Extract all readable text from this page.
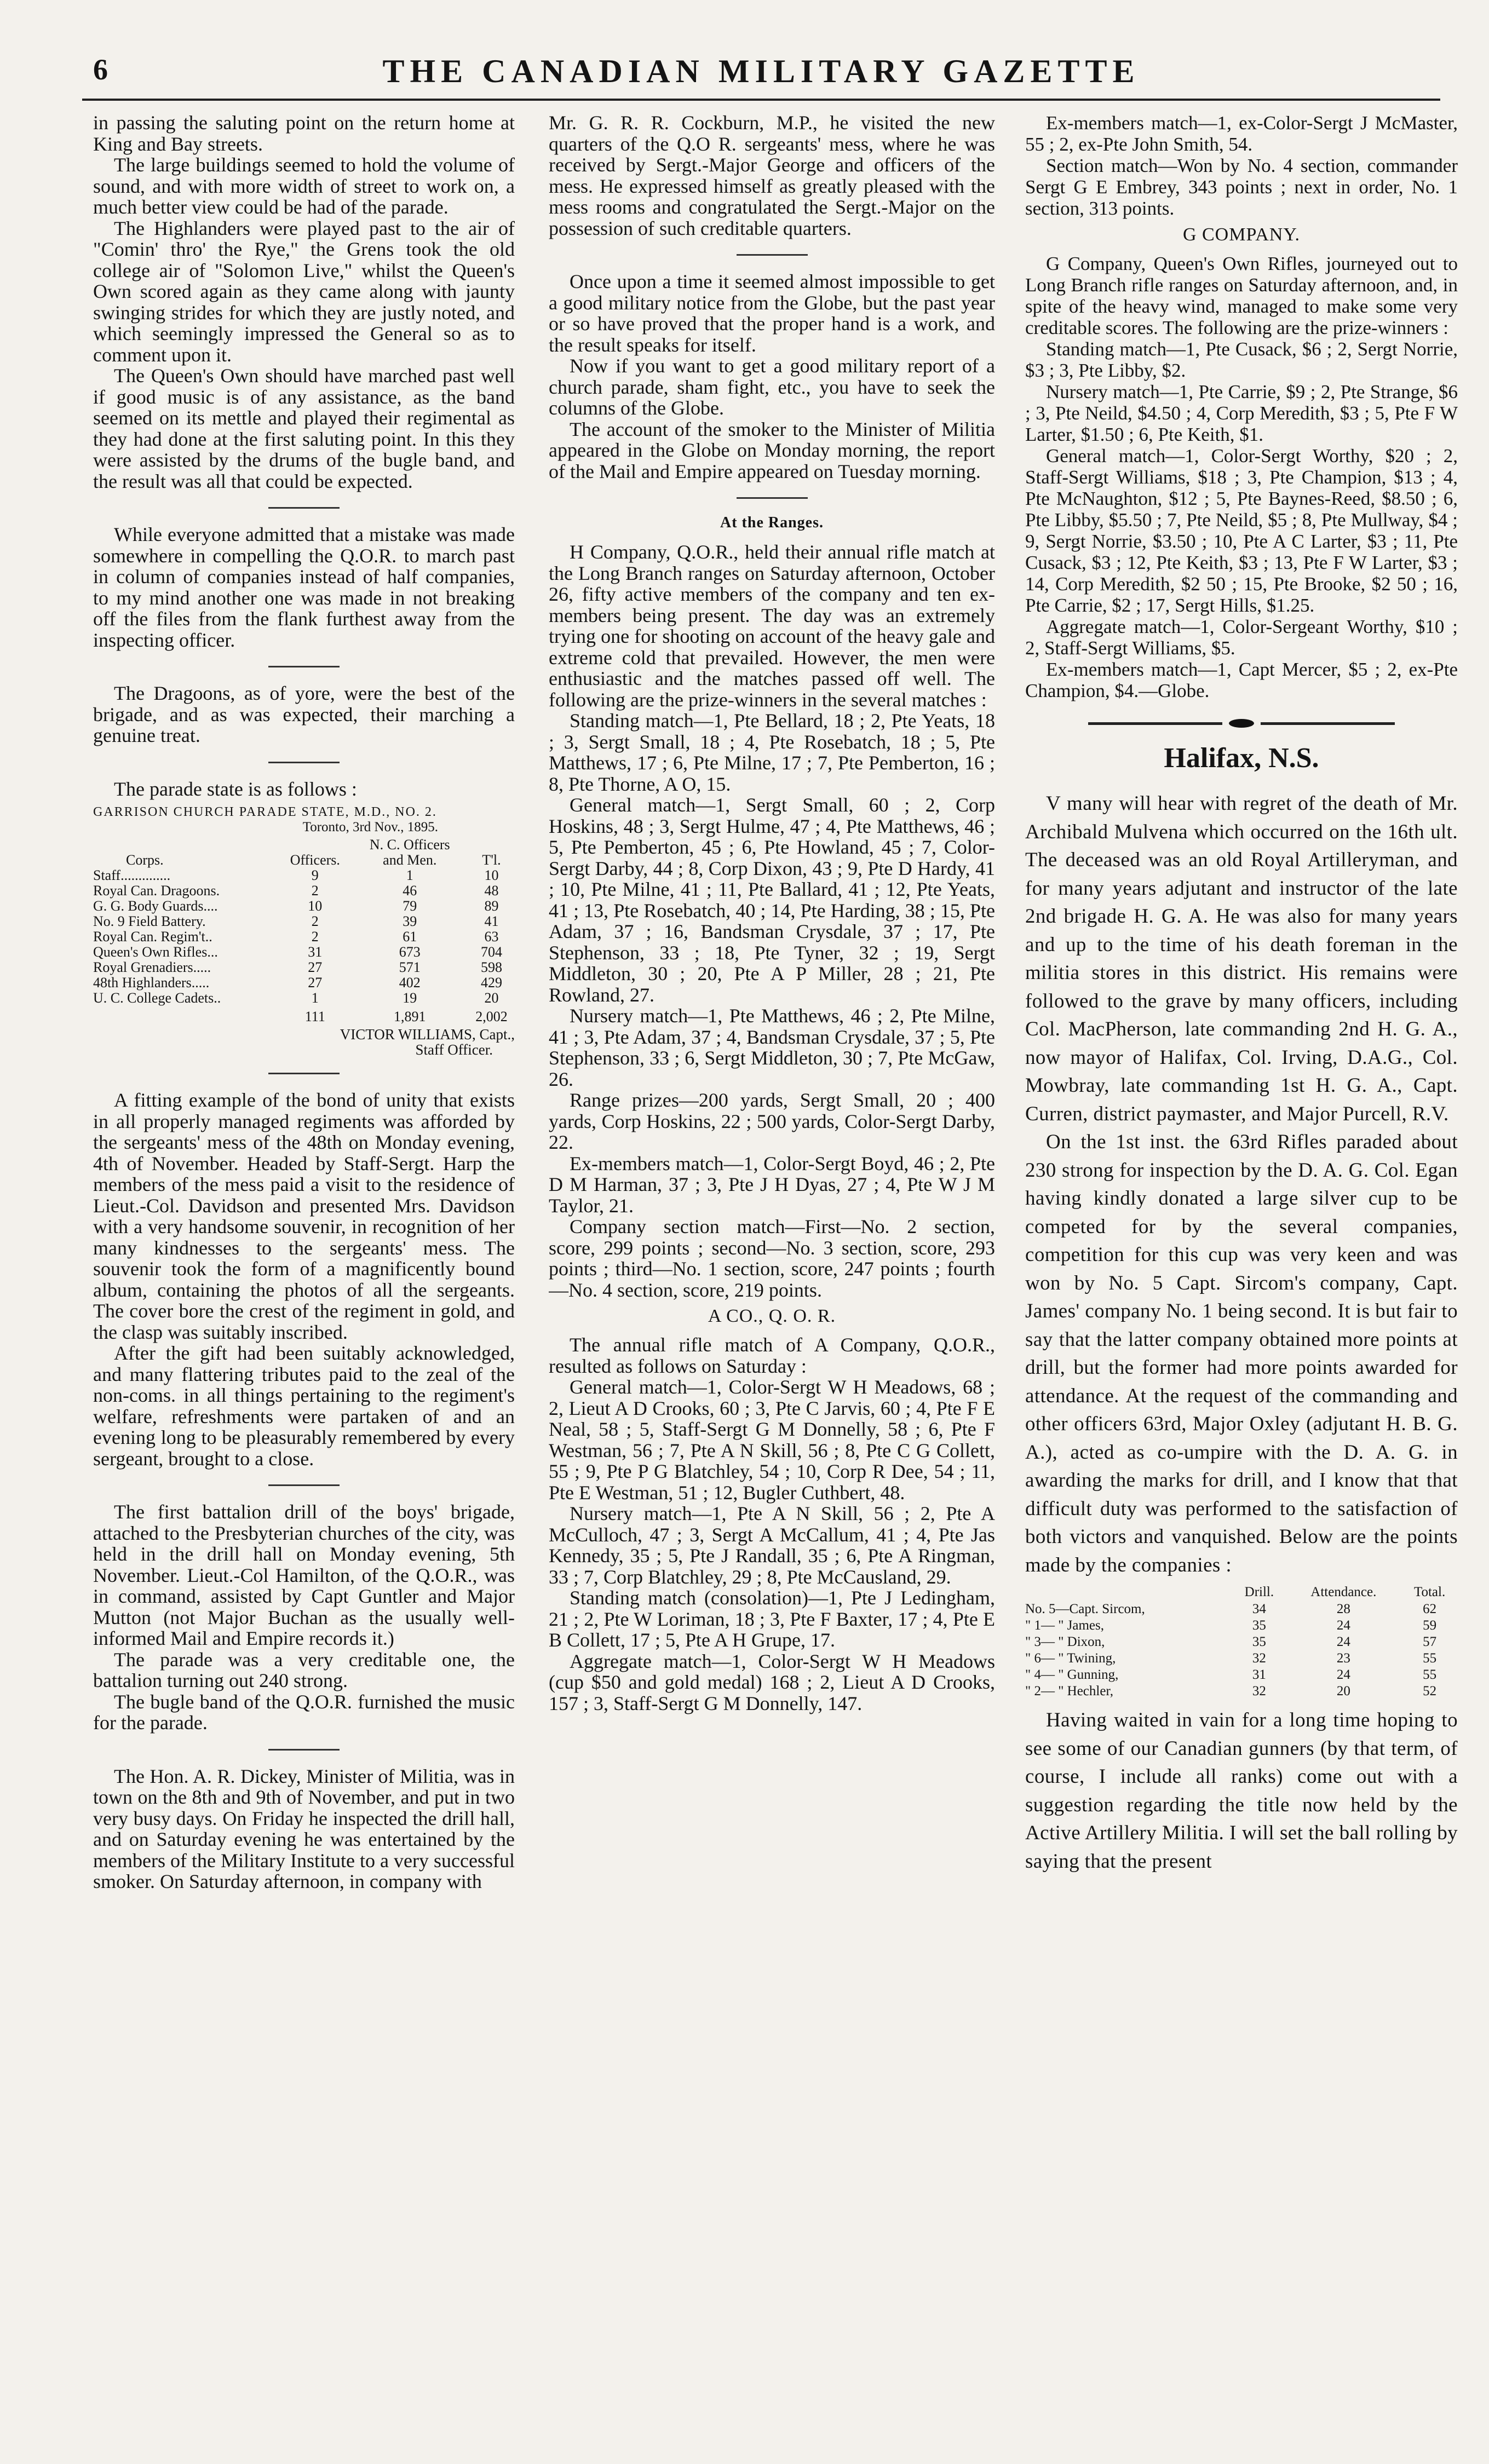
6	THE CANADIAN MILITARY GAZETTE

in passing the saluting point on the return home at King and Bay streets.

The large buildings seemed to hold the volume of sound, and with more width of street to work on, a much better view could be had of the parade.

The Highlanders were played past to the air of "Comin' thro' the Rye," the Grens took the old college air of "Solomon Live," whilst the Queen's Own scored again as they came along with jaunty swinging strides for which they are justly noted, and which seemingly impressed the General so as to comment upon it.

The Queen's Own should have marched past well if good music is of any assistance, as the band seemed on its mettle and played their regimental as they had done at the first saluting point. In this they were assisted by the drums of the bugle band, and the result was all that could be expected.

While everyone admitted that a mistake was made somewhere in compelling the Q.O.R. to march past in column of companies instead of half companies, to my mind another one was made in not breaking off the files from the flank furthest away from the inspecting officer.

The Dragoons, as of yore, were the best of the brigade, and as was expected, their marching a genuine treat.

The parade state is as follows :

GARRISON CHURCH PARADE STATE, M.D., NO. 2.
Toronto, 3rd Nov., 1895.
		N. C. Officers	
Corps.	Officers.	and Men.	T'l.
Staff..............	9	1	10
Royal Can. Dragoons.	2	46	48
G. G. Body Guards....	10	79	89
No. 9 Field Battery.	2	39	41
Royal Can. Regim't..	2	61	63
Queen's Own Rifles...	31	673	704
Royal Grenadiers.....	27	571	598
48th Highlanders.....	27	402	429
U. C. College Cadets..	1	19	20
	111	1,891	2,002
VICTOR WILLIAMS, Capt.,
Staff Officer.

A fitting example of the bond of unity that exists in all properly managed regiments was afforded by the sergeants' mess of the 48th on Monday evening, 4th of November. Headed by Staff-Sergt. Harp the members of the mess paid a visit to the residence of Lieut.-Col. Davidson and presented Mrs. Davidson with a very handsome souvenir, in recognition of her many kindnesses to the sergeants' mess. The souvenir took the form of a magnificently bound album, containing the photos of all the sergeants. The cover bore the crest of the regiment in gold, and the clasp was suitably inscribed.

After the gift had been suitably acknowledged, and many flattering tributes paid to the zeal of the non-coms. in all things pertaining to the regiment's welfare, refreshments were partaken of and an evening long to be pleasurably remembered by every sergeant, brought to a close.

The first battalion drill of the boys' brigade, attached to the Presbyterian churches of the city, was held in the drill hall on Monday evening, 5th November. Lieut.-Col Hamilton, of the Q.O.R., was in command, assisted by Capt Guntler and Major Mutton (not Major Buchan as the usually well-informed Mail and Empire records it.)

The parade was a very creditable one, the battalion turning out 240 strong.

The bugle band of the Q.O.R. furnished the music for the parade.

The Hon. A. R. Dickey, Minister of Militia, was in town on the 8th and 9th of November, and put in two very busy days. On Friday he inspected the drill hall, and on Saturday evening he was entertained by the members of the Military Institute to a very successful smoker. On Saturday afternoon, in company with

Mr. G. R. R. Cockburn, M.P., he visited the new quarters of the Q.O R. sergeants' mess, where he was received by Sergt.-Major George and officers of the mess. He expressed himself as greatly pleased with the mess rooms and congratulated the Sergt.-Major on the possession of such creditable quarters.

Once upon a time it seemed almost impossible to get a good military notice from the Globe, but the past year or so have proved that the proper hand is a work, and the result speaks for itself.

Now if you want to get a good military report of a church parade, sham fight, etc., you have to seek the columns of the Globe.

The account of the smoker to the Minister of Militia appeared in the Globe on Monday morning, the report of the Mail and Empire appeared on Tuesday morning.

At the Ranges.

H Company, Q.O.R., held their annual rifle match at the Long Branch ranges on Saturday afternoon, October 26, fifty active members of the company and ten ex-members being present. The day was an extremely trying one for shooting on account of the heavy gale and extreme cold that prevailed. However, the men were enthusiastic and the matches passed off well. The following are the prize-winners in the several matches :

Standing match—1, Pte Bellard, 18 ; 2, Pte Yeats, 18 ; 3, Sergt Small, 18 ; 4, Pte Rosebatch, 18 ; 5, Pte Matthews, 17 ; 6, Pte Milne, 17 ; 7, Pte Pemberton, 16 ; 8, Pte Thorne, A O, 15.

General match—1, Sergt Small, 60 ; 2, Corp Hoskins, 48 ; 3, Sergt Hulme, 47 ; 4, Pte Matthews, 46 ; 5, Pte Pemberton, 45 ; 6, Pte Howland, 45 ; 7, Color-Sergt Darby, 44 ; 8, Corp Dixon, 43 ; 9, Pte D Hardy, 41 ; 10, Pte Milne, 41 ; 11, Pte Ballard, 41 ; 12, Pte Yeats, 41 ; 13, Pte Rosebatch, 40 ; 14, Pte Harding, 38 ; 15, Pte Adam, 37 ; 16, Bandsman Crysdale, 37 ; 17, Pte Stephenson, 33 ; 18, Pte Tyner, 32 ; 19, Sergt Middleton, 30 ; 20, Pte A P Miller, 28 ; 21, Pte Rowland, 27.

Nursery match—1, Pte Matthews, 46 ; 2, Pte Milne, 41 ; 3, Pte Adam, 37 ; 4, Bandsman Crysdale, 37 ; 5, Pte Stephenson, 33 ; 6, Sergt Middleton, 30 ; 7, Pte McGaw, 26.

Range prizes—200 yards, Sergt Small, 20 ; 400 yards, Corp Hoskins, 22 ; 500 yards, Color-Sergt Darby, 22.

Ex-members match—1, Color-Sergt Boyd, 46 ; 2, Pte D M Harman, 37 ; 3, Pte J H Dyas, 27 ; 4, Pte W J M Taylor, 21.

Company section match—First—No. 2 section, score, 299 points ; second—No. 3 section, score, 293 points ; third—No. 1 section, score, 247 points ; fourth—No. 4 section, score, 219 points.

A CO., Q. O. R.

The annual rifle match of A Company, Q.O.R., resulted as follows on Saturday :

General match—1, Color-Sergt W H Meadows, 68 ; 2, Lieut A D Crooks, 60 ; 3, Pte C Jarvis, 60 ; 4, Pte F E Neal, 58 ; 5, Staff-Sergt G M Donnelly, 58 ; 6, Pte F Westman, 56 ; 7, Pte A N Skill, 56 ; 8, Pte C G Collett, 55 ; 9, Pte P G Blatchley, 54 ; 10, Corp R Dee, 54 ; 11, Pte E Westman, 51 ; 12, Bugler Cuthbert, 48.

Nursery match—1, Pte A N Skill, 56 ; 2, Pte A McCulloch, 47 ; 3, Sergt A McCallum, 41 ; 4, Pte Jas Kennedy, 35 ; 5, Pte J Randall, 35 ; 6, Pte A Ringman, 33 ; 7, Corp Blatchley, 29 ; 8, Pte McCausland, 29.

Standing match (consolation)—1, Pte J Ledingham, 21 ; 2, Pte W Loriman, 18 ; 3, Pte F Baxter, 17 ; 4, Pte E B Collett, 17 ; 5, Pte A H Grupe, 17.

Aggregate match—1, Color-Sergt W H Meadows (cup $50 and gold medal) 168 ; 2, Lieut A D Crooks, 157 ; 3, Staff-Sergt G M Donnelly, 147.

Ex-members match—1, ex-Color-Sergt J McMaster, 55 ; 2, ex-Pte John Smith, 54.

Section match—Won by No. 4 section, commander Sergt G E Embrey, 343 points ; next in order, No. 1 section, 313 points.

G COMPANY.

G Company, Queen's Own Rifles, journeyed out to Long Branch rifle ranges on Saturday afternoon, and, in spite of the heavy wind, managed to make some very creditable scores. The following are the prize-winners :

Standing match—1, Pte Cusack, $6 ; 2, Sergt Norrie, $3 ; 3, Pte Libby, $2.

Nursery match—1, Pte Carrie, $9 ; 2, Pte Strange, $6 ; 3, Pte Neild, $4.50 ; 4, Corp Meredith, $3 ; 5, Pte F W Larter, $1.50 ; 6, Pte Keith, $1.

General match—1, Color-Sergt Worthy, $20 ; 2, Staff-Sergt Williams, $18 ; 3, Pte Champion, $13 ; 4, Pte McNaughton, $12 ; 5, Pte Baynes-Reed, $8.50 ; 6, Pte Libby, $5.50 ; 7, Pte Neild, $5 ; 8, Pte Mullway, $4 ; 9, Sergt Norrie, $3.50 ; 10, Pte A C Larter, $3 ; 11, Pte Cusack, $3 ; 12, Pte Keith, $3 ; 13, Pte F W Larter, $3 ; 14, Corp Meredith, $2 50 ; 15, Pte Brooke, $2 50 ; 16, Pte Carrie, $2 ; 17, Sergt Hills, $1.25.

Aggregate match—1, Color-Sergeant Worthy, $10 ; 2, Staff-Sergt Williams, $5.

Ex-members match—1, Capt Mercer, $5 ; 2, ex-Pte Champion, $4.—Globe.

Halifax, N.S.

V many will hear with regret of the death of Mr. Archibald Mulvena which occurred on the 16th ult. The deceased was an old Royal Artilleryman, and for many years adjutant and instructor of the late 2nd brigade H. G. A. He was also for many years and up to the time of his death foreman in the militia stores in this district. His remains were followed to the grave by many officers, including Col. MacPherson, late commanding 2nd H. G. A., now mayor of Halifax, Col. Irving, D.A.G., Col. Mowbray, late commanding 1st H. G. A., Capt. Curren, district paymaster, and Major Purcell, R.V.

On the 1st inst. the 63rd Rifles paraded about 230 strong for inspection by the D. A. G. Col. Egan having kindly donated a large silver cup to be competed for by the several companies, competition for this cup was very keen and was won by No. 5 Capt. Sircom's company, Capt. James' company No. 1 being second. It is but fair to say that the latter company obtained more points at drill, but the former had more points awarded for attendance. At the request of the commanding and other officers 63rd, Major Oxley (adjutant H. B. G. A.), acted as co-umpire with the D. A. G. in awarding the marks for drill, and I know that that difficult duty was performed to the satisfaction of both victors and vanquished. Below are the points made by the companies :

	Drill.	Attendance.	Total.
No. 5—Capt. Sircom,	34	28	62
" 1— " James,	35	24	59
" 3— " Dixon,	35	24	57
" 6— " Twining,	32	23	55
" 4— " Gunning,	31	24	55
" 2— " Hechler,	32	20	52

Having waited in vain for a long time hoping to see some of our Canadian gunners (by that term, of course, I include all ranks) come out with a suggestion regarding the title now held by the Active Artillery Militia. I will set the ball rolling by saying that the present
